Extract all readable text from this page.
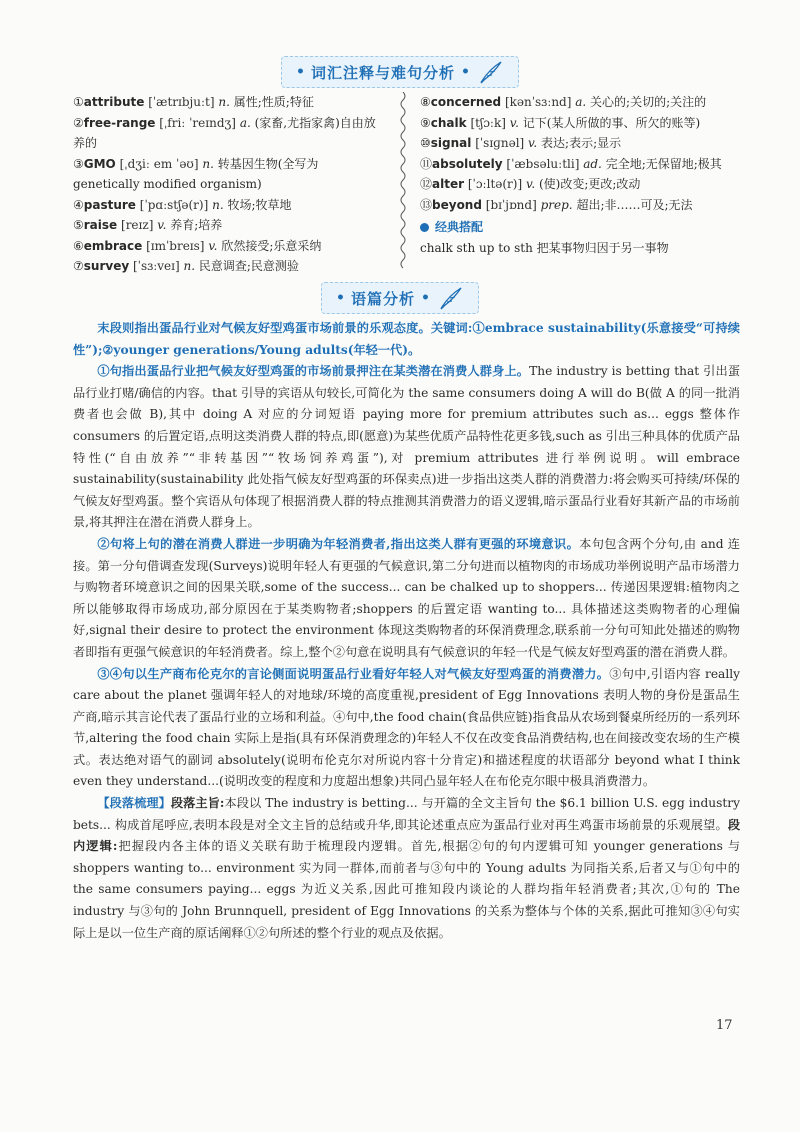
• 词汇注释与难句分析 •

①attribute [ˈætrɪbjuːt] n. 属性;性质;特征

②free-range [ˌfriː ˈreɪndʒ] a. (家畜,尤指家禽)自由放养的

③GMO [ˌdʒiː em ˈəʊ] n. 转基因生物(全写为 genetically modified organism)

④pasture [ˈpɑːstʃə(r)] n. 牧场;牧草地

⑤raise [reɪz] v. 养育;培养

⑥embrace [ɪmˈbreɪs] v. 欣然接受;乐意采纳

⑦survey [ˈsɜːveɪ] n. 民意调查;民意测验

⑧concerned [kənˈsɜːnd] a. 关心的;关切的;关注的

⑨chalk [tʃɔːk] v. 记下(某人所做的事、所欠的账等)

⑩signal [ˈsɪɡnəl] v. 表达;表示;显示

⑪absolutely [ˈæbsəluːtli] ad. 完全地;无保留地;极其

⑫alter [ˈɔːltə(r)] v. (使)改变;更改;改动

⑬beyond [bɪˈjɒnd] prep. 超出;非……可及;无法

经典搭配

chalk sth up to sth 把某事物归因于另一事物

• 语篇分析 •

末段则指出蛋品行业对气候友好型鸡蛋市场前景的乐观态度。关键词:①embrace sustainability(乐意接受“可持续性”);②younger generations/Young adults(年轻一代)。

①句指出蛋品行业把气候友好型鸡蛋的市场前景押注在某类潜在消费人群身上。The industry is betting that 引出蛋品行业打赌/确信的内容。that 引导的宾语从句较长,可简化为 the same consumers doing A will do B(做 A 的同一批消费者也会做 B),其中 doing A 对应的分词短语 paying more for premium attributes such as... eggs 整体作 consumers 的后置定语,点明这类消费人群的特点,即(愿意)为某些优质产品特性花更多钱,such as 引出三种具体的优质产品特性(“自由放养”“非转基因”“牧场饲养鸡蛋”),对 premium attributes 进行举例说明。will embrace sustainability(sustainability 此处指气候友好型鸡蛋的环保卖点)进一步指出这类人群的消费潜力:将会购买可持续/环保的气候友好型鸡蛋。整个宾语从句体现了根据消费人群的特点推测其消费潜力的语义逻辑,暗示蛋品行业看好其新产品的市场前景,将其押注在潜在消费人群身上。

②句将上句的潜在消费人群进一步明确为年轻消费者,指出这类人群有更强的环境意识。本句包含两个分句,由 and 连接。第一分句借调查发现(Surveys)说明年轻人有更强的气候意识,第二分句进而以植物肉的市场成功举例说明产品市场潜力与购物者环境意识之间的因果关联,some of the success... can be chalked up to shoppers... 传递因果逻辑:植物肉之所以能够取得市场成功,部分原因在于某类购物者;shoppers 的后置定语 wanting to... 具体描述这类购物者的心理偏好,signal their desire to protect the environment 体现这类购物者的环保消费理念,联系前一分句可知此处描述的购物者即指有更强气候意识的年轻消费者。综上,整个②句意在说明具有气候意识的年轻一代是气候友好型鸡蛋的潜在消费人群。

③④句以生产商布伦克尔的言论侧面说明蛋品行业看好年轻人对气候友好型鸡蛋的消费潜力。③句中,引语内容 really care about the planet 强调年轻人的对地球/环境的高度重视,president of Egg Innovations 表明人物的身份是蛋品生产商,暗示其言论代表了蛋品行业的立场和利益。④句中,the food chain(食品供应链)指食品从农场到餐桌所经历的一系列环节,altering the food chain 实际上是指(具有环保消费理念的)年轻人不仅在改变食品消费结构,也在间接改变农场的生产模式。表达绝对语气的副词 absolutely(说明布伦克尔对所说内容十分肯定)和描述程度的状语部分 beyond what I think even they understand...(说明改变的程度和力度超出想象)共同凸显年轻人在布伦克尔眼中极具消费潜力。

【段落梳理】段落主旨:本段以 The industry is betting... 与开篇的全文主旨句 the $6.1 billion U.S. egg industry bets... 构成首尾呼应,表明本段是对全文主旨的总结或升华,即其论述重点应为蛋品行业对再生鸡蛋市场前景的乐观展望。段内逻辑:把握段内各主体的语义关联有助于梳理段内逻辑。首先,根据②句的句内逻辑可知 younger generations 与 shoppers wanting to... environment 实为同一群体,而前者与③句中的 Young adults 为同指关系,后者又与①句中的 the same consumers paying... eggs 为近义关系,因此可推知段内谈论的人群均指年轻消费者;其次,①句的 The industry 与③句的 John Brunnquell, president of Egg Innovations 的关系为整体与个体的关系,据此可推知③④句实际上是以一位生产商的原话阐释①②句所述的整个行业的观点及依据。

17
